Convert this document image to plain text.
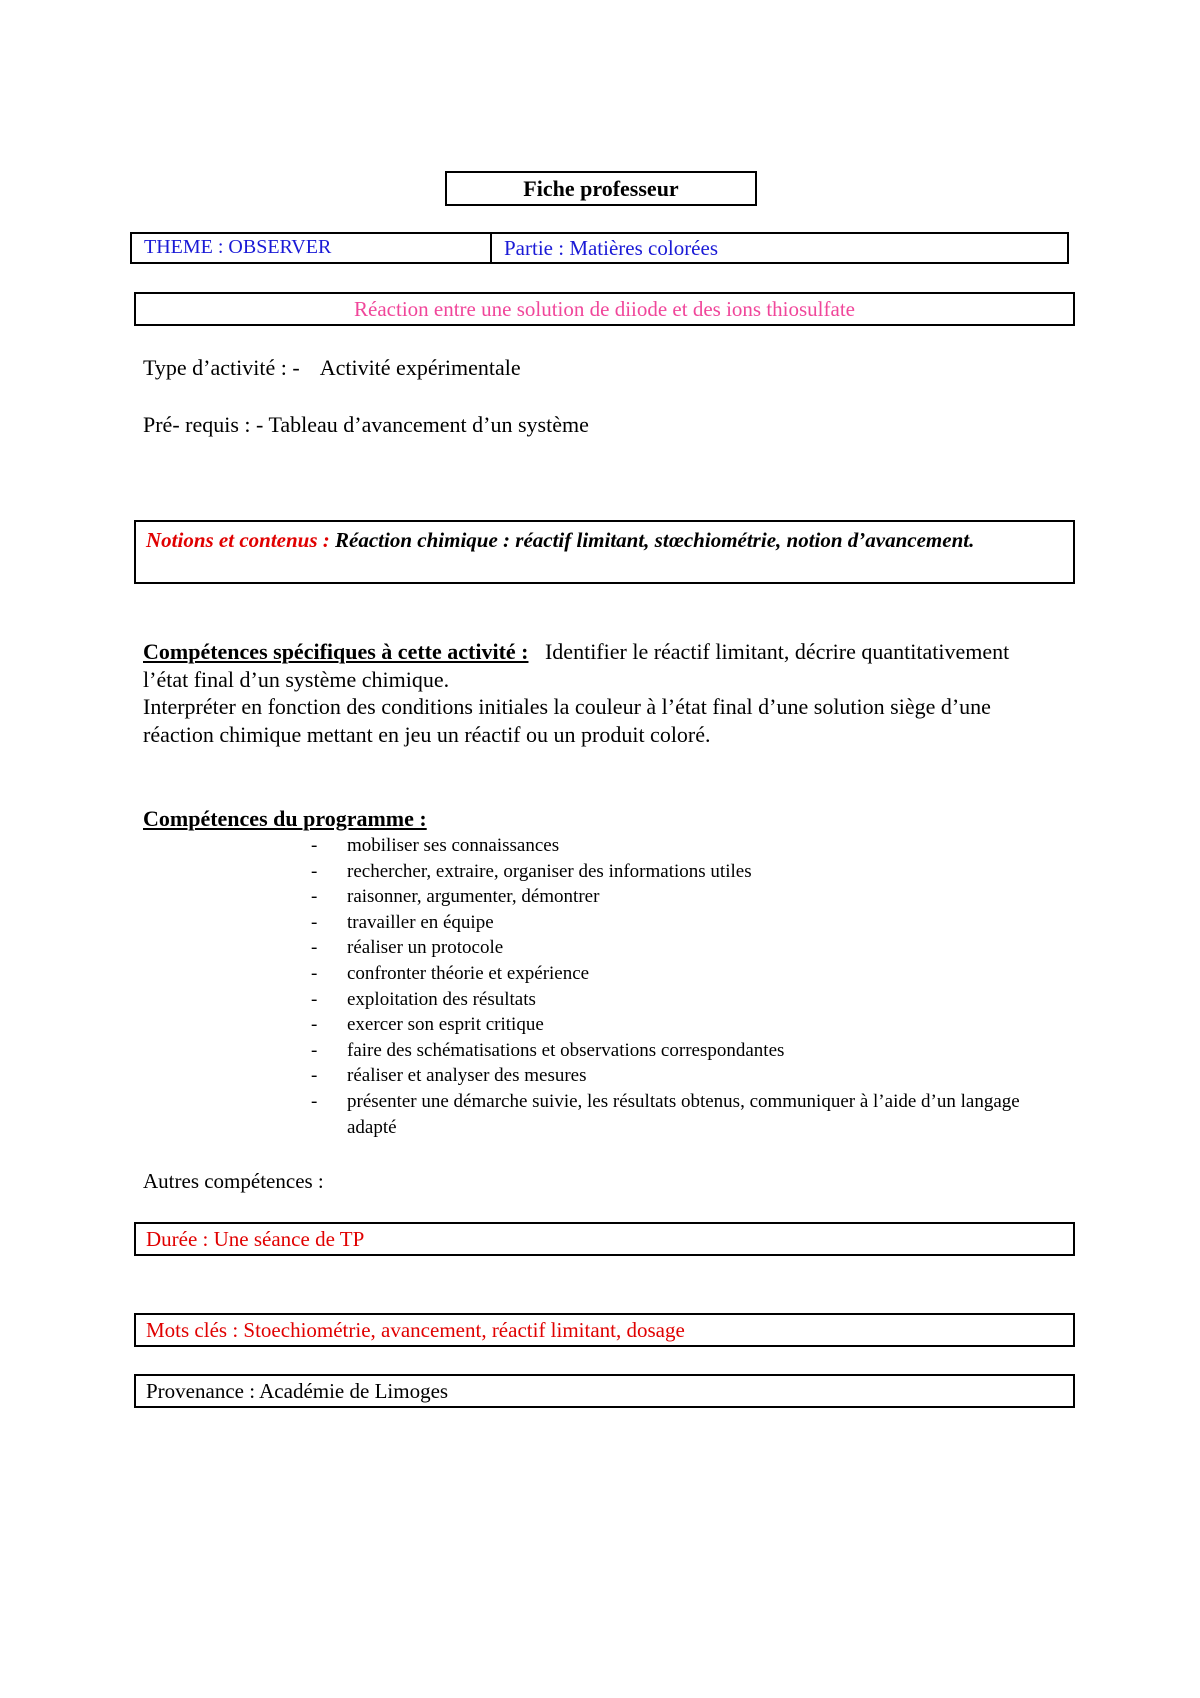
Fiche professeur
THEME : OBSERVER	Partie : Matières colorées
Réaction entre une solution de diiode et des ions thiosulfate
Type d’activité : - Activité expérimentale
Pré- requis : - Tableau d’avancement d’un système
Notions et contenus : Réaction chimique : réactif limitant, stœchiométrie, notion d’avancement.
Compétences spécifiques à cette activité : Identifier le réactif limitant, décrire quantitativement l’état final d’un système chimique.
Interpréter en fonction des conditions initiales la couleur à l’état final d’une solution siège d’une réaction chimique mettant en jeu un réactif ou un produit coloré.
Compétences du programme :
-	mobiliser ses connaissances
-	rechercher, extraire, organiser des informations utiles
-	raisonner, argumenter, démontrer
-	travailler en équipe
-	réaliser un protocole
-	confronter théorie et expérience
-	exploitation des résultats
-	exercer son esprit critique
-	faire des schématisations et observations correspondantes
-	réaliser et analyser des mesures
-	présenter une démarche suivie, les résultats obtenus, communiquer à l’aide d’un langage adapté
Autres compétences :
Durée : Une séance de TP
Mots clés : Stoechiométrie, avancement, réactif limitant, dosage
Provenance : Académie de Limoges
